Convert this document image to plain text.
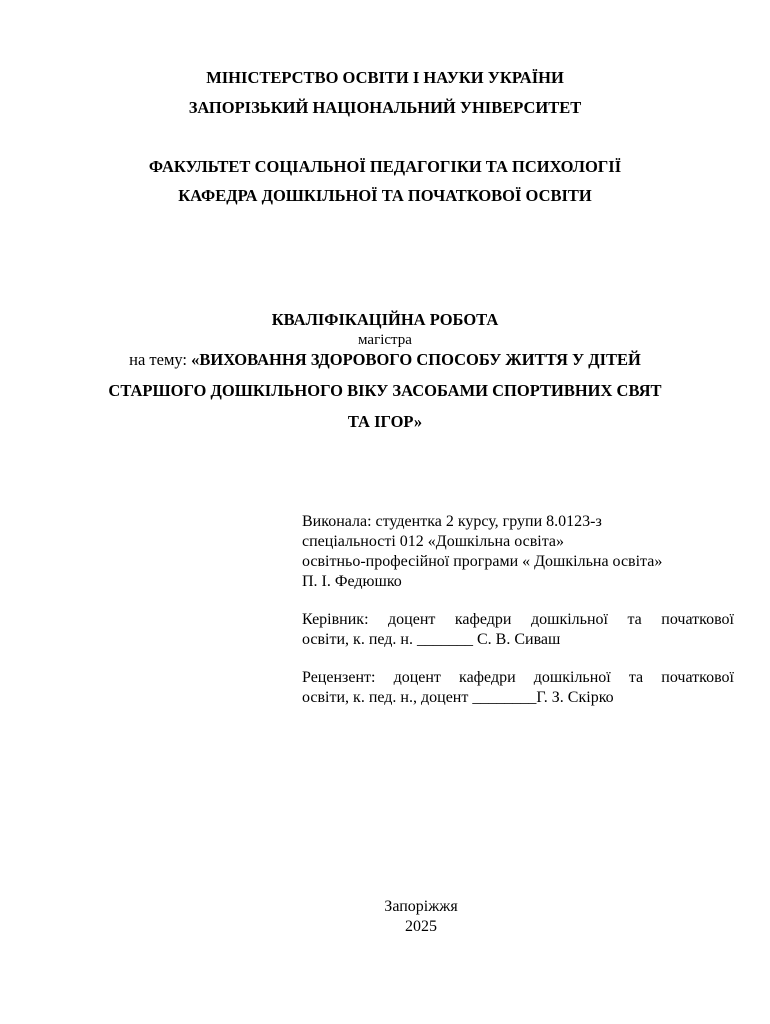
МІНІСТЕРСТВО ОСВІТИ І НАУКИ УКРАЇНИ
ЗАПОРІЗЬКИЙ НАЦІОНАЛЬНИЙ УНІВЕРСИТЕТ
ФАКУЛЬТЕТ СОЦІАЛЬНОЇ ПЕДАГОГІКИ ТА ПСИХОЛОГІЇ
КАФЕДРА ДОШКІЛЬНОЇ ТА ПОЧАТКОВОЇ ОСВІТИ
КВАЛІФІКАЦІЙНА РОБОТА
магістра
на тему: «ВИХОВАННЯ ЗДОРОВОГО СПОСОБУ ЖИТТЯ У ДІТЕЙ
СТАРШОГО ДОШКІЛЬНОГО ВІКУ ЗАСОБАМИ СПОРТИВНИХ СВЯТ
ТА ІГОР»
Виконала: студентка 2 курсу, групи 8.0123-з
спеціальності 012 «Дошкільна освіта»
освітньо-професійної програми « Дошкільна освіта»
П. І. Федюшко
Керівник: доцент кафедри дошкільної та початкової
освіти, к. пед. н. _______ С. В. Сиваш
Рецензент: доцент кафедри дошкільної та початкової
освіти, к. пед. н., доцент ________Г. З. Скірко
Запоріжжя
2025
